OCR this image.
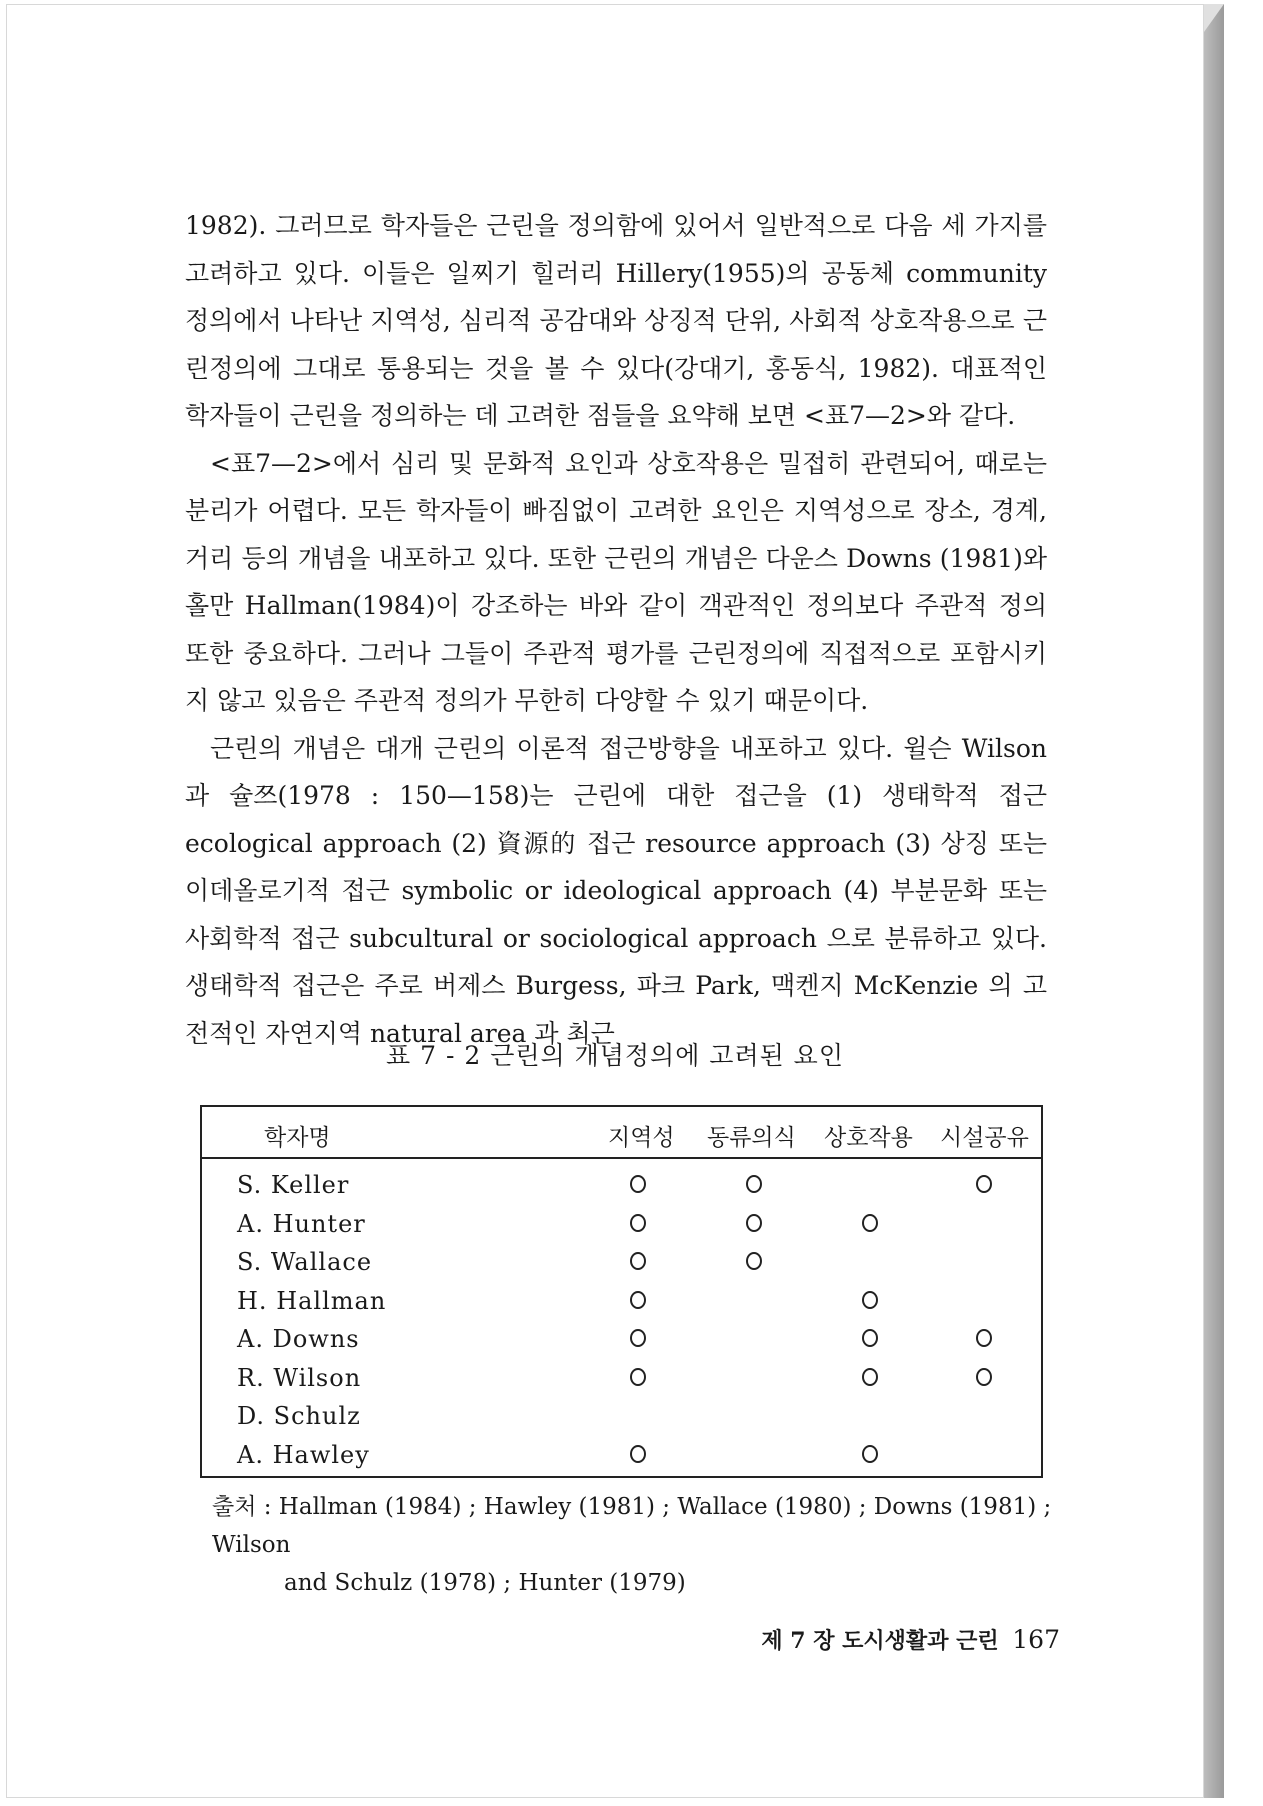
1982). 그러므로 학자들은 근린을 정의함에 있어서 일반적으로 다음 세 가지를 고려하고 있다. 이들은 일찌기 힐러리 Hillery(1955)의 공동체 community 정의에서 나타난 지역성, 심리적 공감대와 상징적 단위, 사회적 상호작용으로 근린정의에 그대로 통용되는 것을 볼 수 있다(강대기, 홍동식, 1982). 대표적인 학자들이 근린을 정의하는 데 고려한 점들을 요약해 보면 <표7—2>와 같다.

<표7—2>에서 심리 및 문화적 요인과 상호작용은 밀접히 관련되어, 때로는 분리가 어렵다. 모든 학자들이 빠짐없이 고려한 요인은 지역성으로 장소, 경계, 거리 등의 개념을 내포하고 있다. 또한 근린의 개념은 다운스 Downs (1981)와 홀만 Hallman(1984)이 강조하는 바와 같이 객관적인 정의보다 주관적 정의 또한 중요하다. 그러나 그들이 주관적 평가를 근린정의에 직접적으로 포함시키지 않고 있음은 주관적 정의가 무한히 다양할 수 있기 때문이다.

근린의 개념은 대개 근린의 이론적 접근방향을 내포하고 있다. 윌슨 Wilson 과 슐쯔(1978 : 150—158)는 근린에 대한 접근을 (1) 생태학적 접근 ecological approach (2) 資源的 접근 resource approach (3) 상징 또는 이데올로기적 접근 symbolic or ideological approach (4) 부분문화 또는 사회학적 접근 subcultural or sociological approach 으로 분류하고 있다. 생태학적 접근은 주로 버제스 Burgess, 파크 Park, 맥켄지 McKenzie 의 고전적인 자연지역 natural area 과 최근

표 7 - 2 근린의 개념정의에 고려된 요인
학자명	지역성 동류의식 상호작용 시설공유
S. Keller
A. Hunter
S. Wallace
H. Hallman
A. Downs
R. Wilson
D. Schulz
A. Hawley
출처 : Hallman (1984) ; Hawley (1981) ; Wallace (1980) ; Downs (1981) ; Wilson
and Schulz (1978) ; Hunter (1979)
제 7 장 도시생활과 근린 167
